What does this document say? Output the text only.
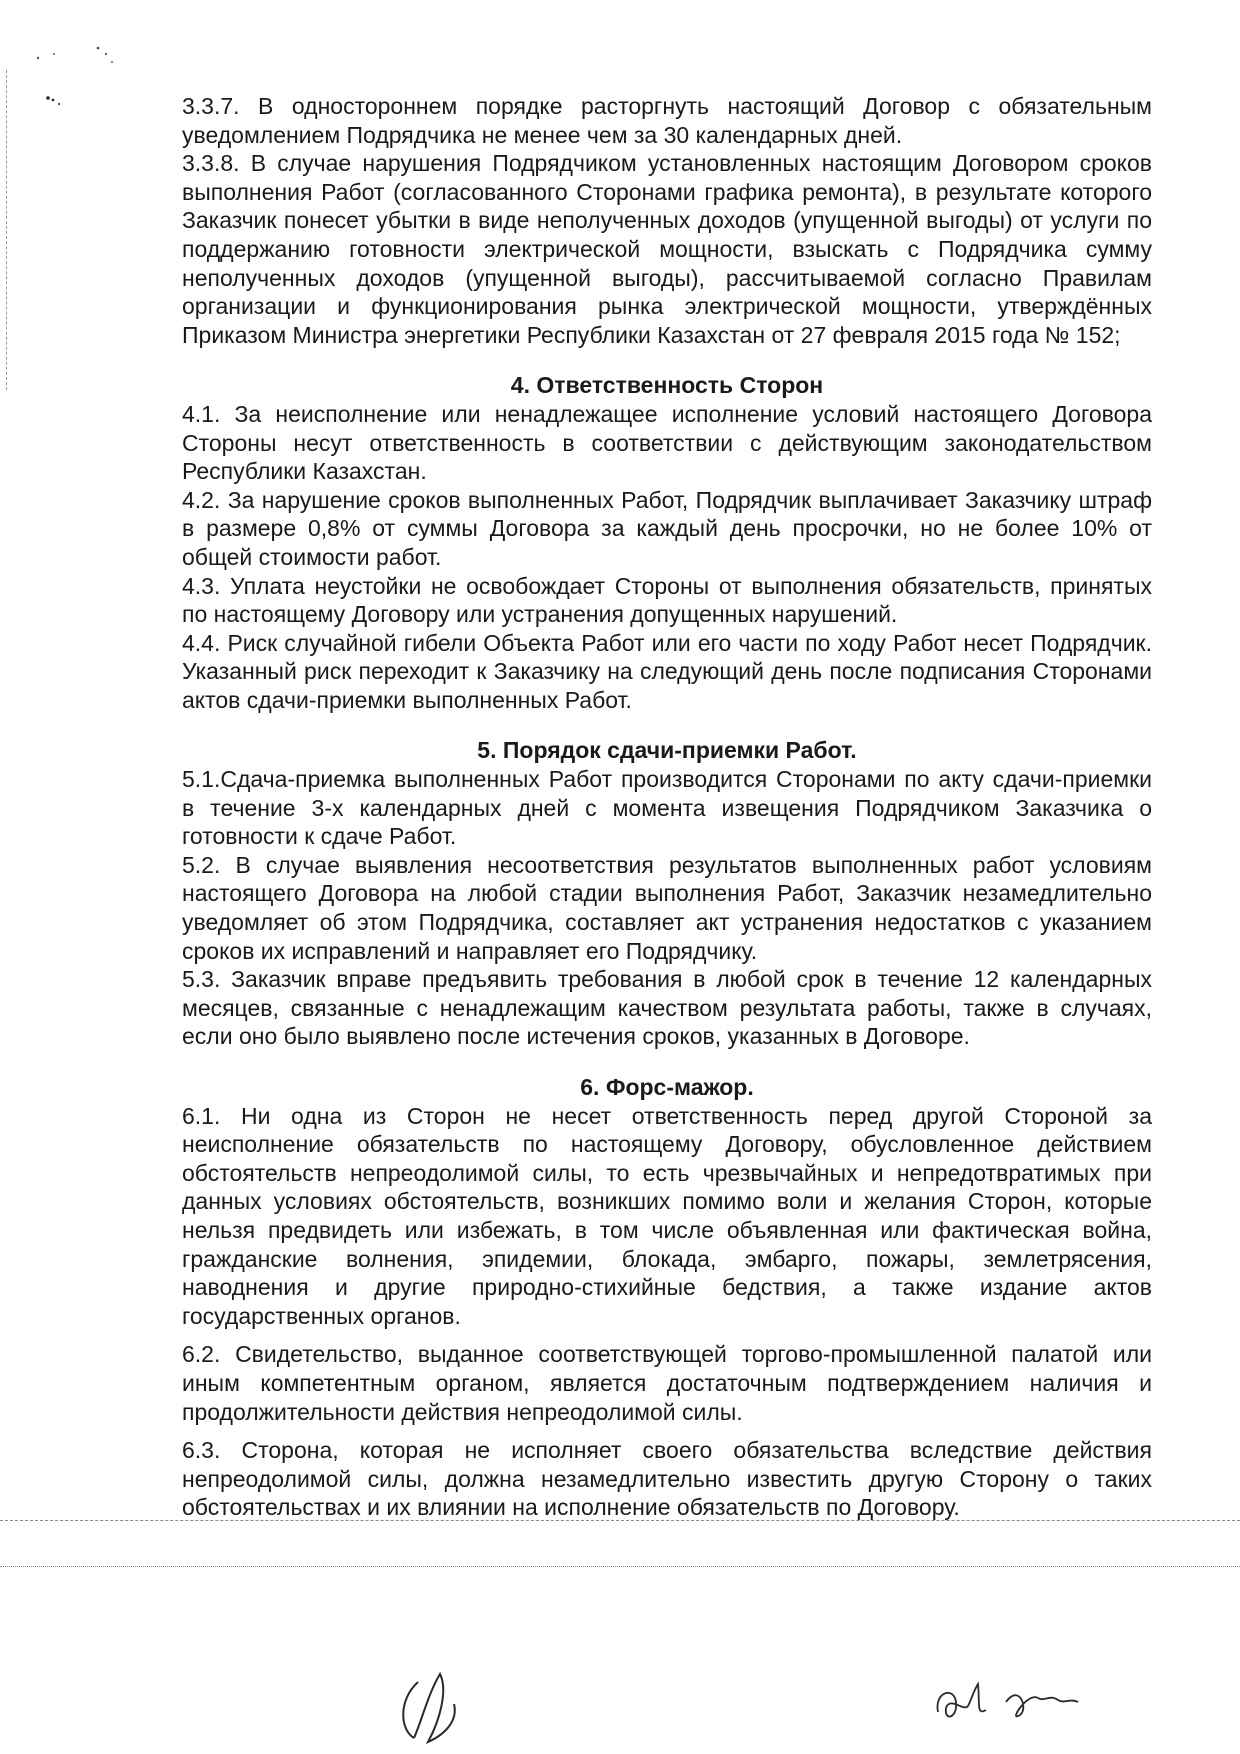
3.3.7. В одностороннем порядке расторгнуть настоящий Договор с обязательным уведомлением Подрядчика не менее чем за 30 календарных дней.

3.3.8. В случае нарушения Подрядчиком установленных настоящим Договором сроков выполнения Работ (согласованного Сторонами графика ремонта), в результате которого Заказчик понесет убытки в виде неполученных доходов (упущенной выгоды) от услуги по поддержанию готовности электрической мощности, взыскать с Подрядчика сумму неполученных доходов (упущенной выгоды), рассчитываемой согласно Правилам организации и функционирования рынка электрической мощности, утверждённых Приказом Министра энергетики Республики Казахстан от 27 февраля 2015 года № 152;

4. Ответственность Сторон

4.1. За неисполнение или ненадлежащее исполнение условий настоящего Договора Стороны несут ответственность в соответствии с действующим законодательством Республики Казахстан.

4.2. За нарушение сроков выполненных Работ, Подрядчик выплачивает Заказчику штраф в размере 0,8% от суммы Договора за каждый день просрочки, но не более 10% от общей стоимости работ.

4.3. Уплата неустойки не освобождает Стороны от выполнения обязательств, принятых по настоящему Договору или устранения допущенных нарушений.

4.4. Риск случайной гибели Объекта Работ или его части по ходу Работ несет Подрядчик. Указанный риск переходит к Заказчику на следующий день после подписания Сторонами актов сдачи-приемки выполненных Работ.

5. Порядок сдачи-приемки Работ.

5.1.Сдача-приемка выполненных Работ производится Сторонами по акту сдачи-приемки в течение 3-х календарных дней с момента извещения Подрядчиком Заказчика о готовности к сдаче Работ.

5.2. В случае выявления несоответствия результатов выполненных работ условиям настоящего Договора на любой стадии выполнения Работ, Заказчик незамедлительно уведомляет об этом Подрядчика, составляет акт устранения недостатков с указанием сроков их исправлений и направляет его Подрядчику.

5.3. Заказчик вправе предъявить требования в любой срок в течение 12 календарных месяцев, связанные с ненадлежащим качеством результата работы, также в случаях, если оно было выявлено после истечения сроков, указанных в Договоре.

6. Форс-мажор.

6.1. Ни одна из Сторон не несет ответственность перед другой Стороной за неисполнение обязательств по настоящему Договору, обусловленное действием обстоятельств непреодолимой силы, то есть чрезвычайных и непредотвратимых при данных условиях обстоятельств, возникших помимо воли и желания Сторон, которые нельзя предвидеть или избежать, в том числе объявленная или фактическая война, гражданские волнения, эпидемии, блокада, эмбарго, пожары, землетрясения, наводнения и другие природно-стихийные бедствия, а также издание актов государственных органов.

6.2. Свидетельство, выданное соответствующей торгово-промышленной палатой или иным компетентным органом, является достаточным подтверждением наличия и продолжительности действия непреодолимой силы.

6.3. Сторона, которая не исполняет своего обязательства вследствие действия непреодолимой силы, должна незамедлительно известить другую Сторону о таких обстоятельствах и их влиянии на исполнение обязательств по Договору.
